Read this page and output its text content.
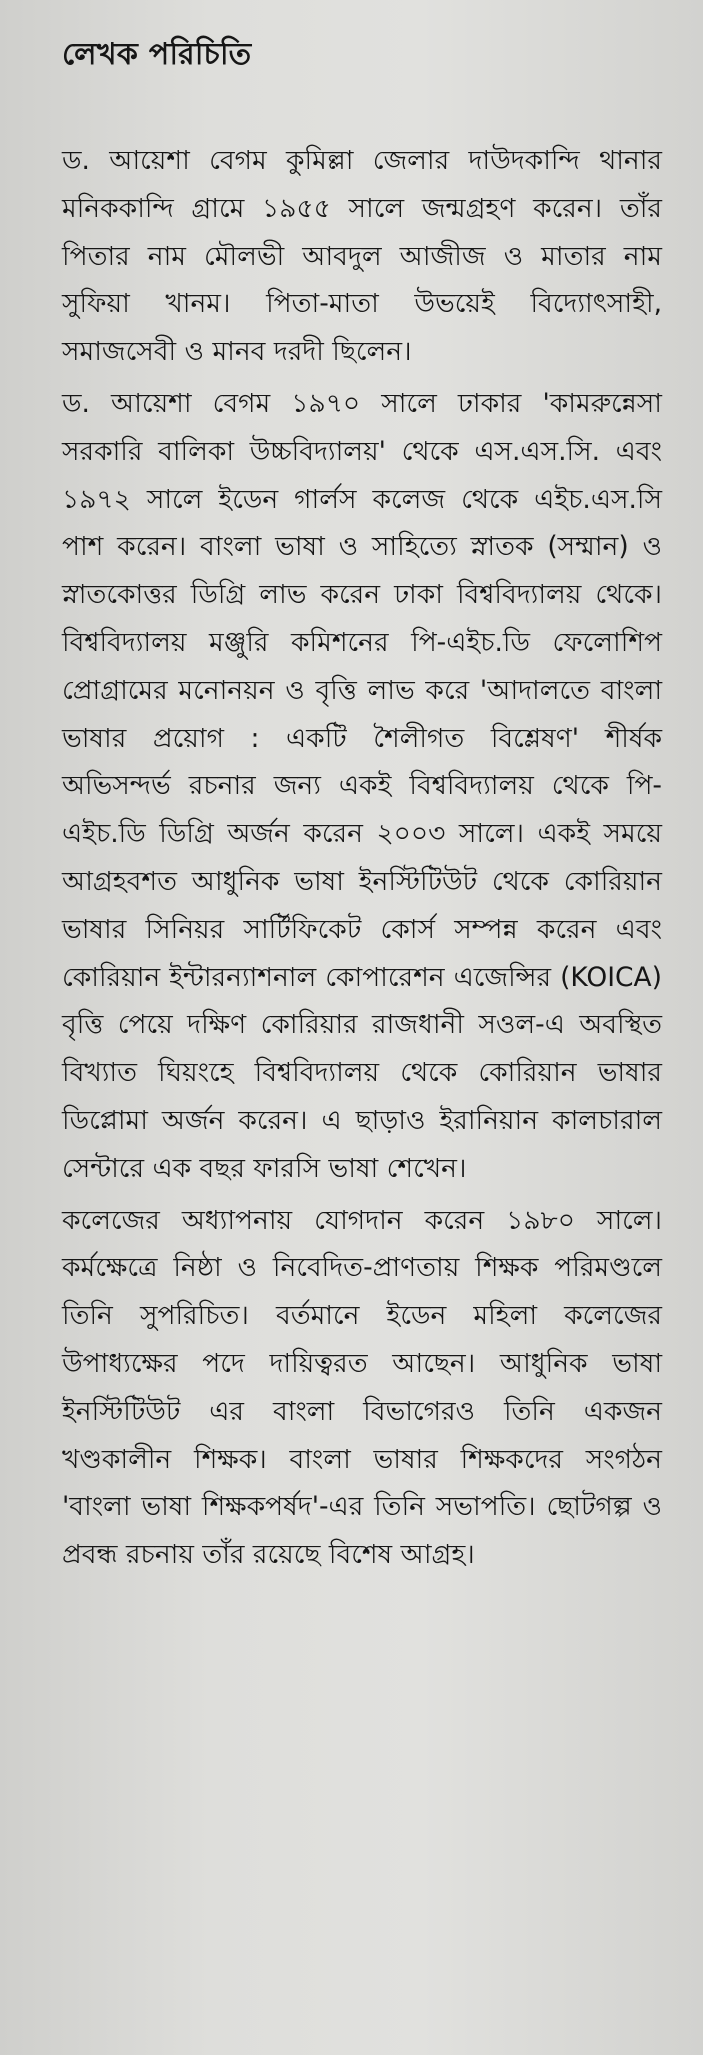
লেখক পরিচিতি

ড. আয়েশা বেগম কুমিল্লা জেলার দাউদকান্দি থানার মনিককান্দি গ্রামে ১৯৫৫ সালে জন্মগ্রহণ করেন। তাঁর পিতার নাম মৌলভী আবদুল আজীজ ও মাতার নাম সুফিয়া খানম। পিতা-মাতা উভয়েই বিদ্যোৎসাহী, সমাজসেবী ও মানব দরদী ছিলেন।

ড. আয়েশা বেগম ১৯৭০ সালে ঢাকার 'কামরুন্নেসা সরকারি বালিকা উচ্চবিদ্যালয়' থেকে এস.এস.সি. এবং ১৯৭২ সালে ইডেন গার্লস কলেজ থেকে এইচ.এস.সি পাশ করেন। বাংলা ভাষা ও সাহিত্যে স্নাতক (সম্মান) ও স্নাতকোত্তর ডিগ্রি লাভ করেন ঢাকা বিশ্ববিদ্যালয় থেকে। বিশ্ববিদ্যালয় মঞ্জুরি কমিশনের পি-এইচ.ডি ফেলোশিপ প্রোগ্রামের মনোনয়ন ও বৃত্তি লাভ করে 'আদালতে বাংলা ভাষার প্রয়োগ : একটি শৈলীগত বিশ্লেষণ' শীর্ষক অভিসন্দর্ভ রচনার জন্য একই বিশ্ববিদ্যালয় থেকে পি-এইচ.ডি ডিগ্রি অর্জন করেন ২০০৩ সালে। একই সময়ে আগ্রহবশত আধুনিক ভাষা ইনস্টিটিউট থেকে কোরিয়ান ভাষার সিনিয়র সার্টিফিকেট কোর্স সম্পন্ন করেন এবং কোরিয়ান ইন্টারন্যাশনাল কোপারেশন এজেন্সির (KOICA) বৃত্তি পেয়ে দক্ষিণ কোরিয়ার রাজধানী সওল-এ অবস্থিত বিখ্যাত ঘিয়ংহে বিশ্ববিদ্যালয় থেকে কোরিয়ান ভাষার ডিপ্লোমা অর্জন করেন। এ ছাড়াও ইরানিয়ান কালচারাল সেন্টারে এক বছর ফারসি ভাষা শেখেন।

কলেজের অধ্যাপনায় যোগদান করেন ১৯৮০ সালে। কর্মক্ষেত্রে নিষ্ঠা ও নিবেদিত-প্রাণতায় শিক্ষক পরিমণ্ডলে তিনি সুপরিচিত। বর্তমানে ইডেন মহিলা কলেজের উপাধ্যক্ষের পদে দায়িত্বরত আছেন। আধুনিক ভাষা ইনস্টিটিউট এর বাংলা বিভাগেরও তিনি একজন খণ্ডকালীন শিক্ষক। বাংলা ভাষার শিক্ষকদের সংগঠন 'বাংলা ভাষা শিক্ষকপর্ষদ'-এর তিনি সভাপতি। ছোটগল্প ও প্রবন্ধ রচনায় তাঁর রয়েছে বিশেষ আগ্রহ।
